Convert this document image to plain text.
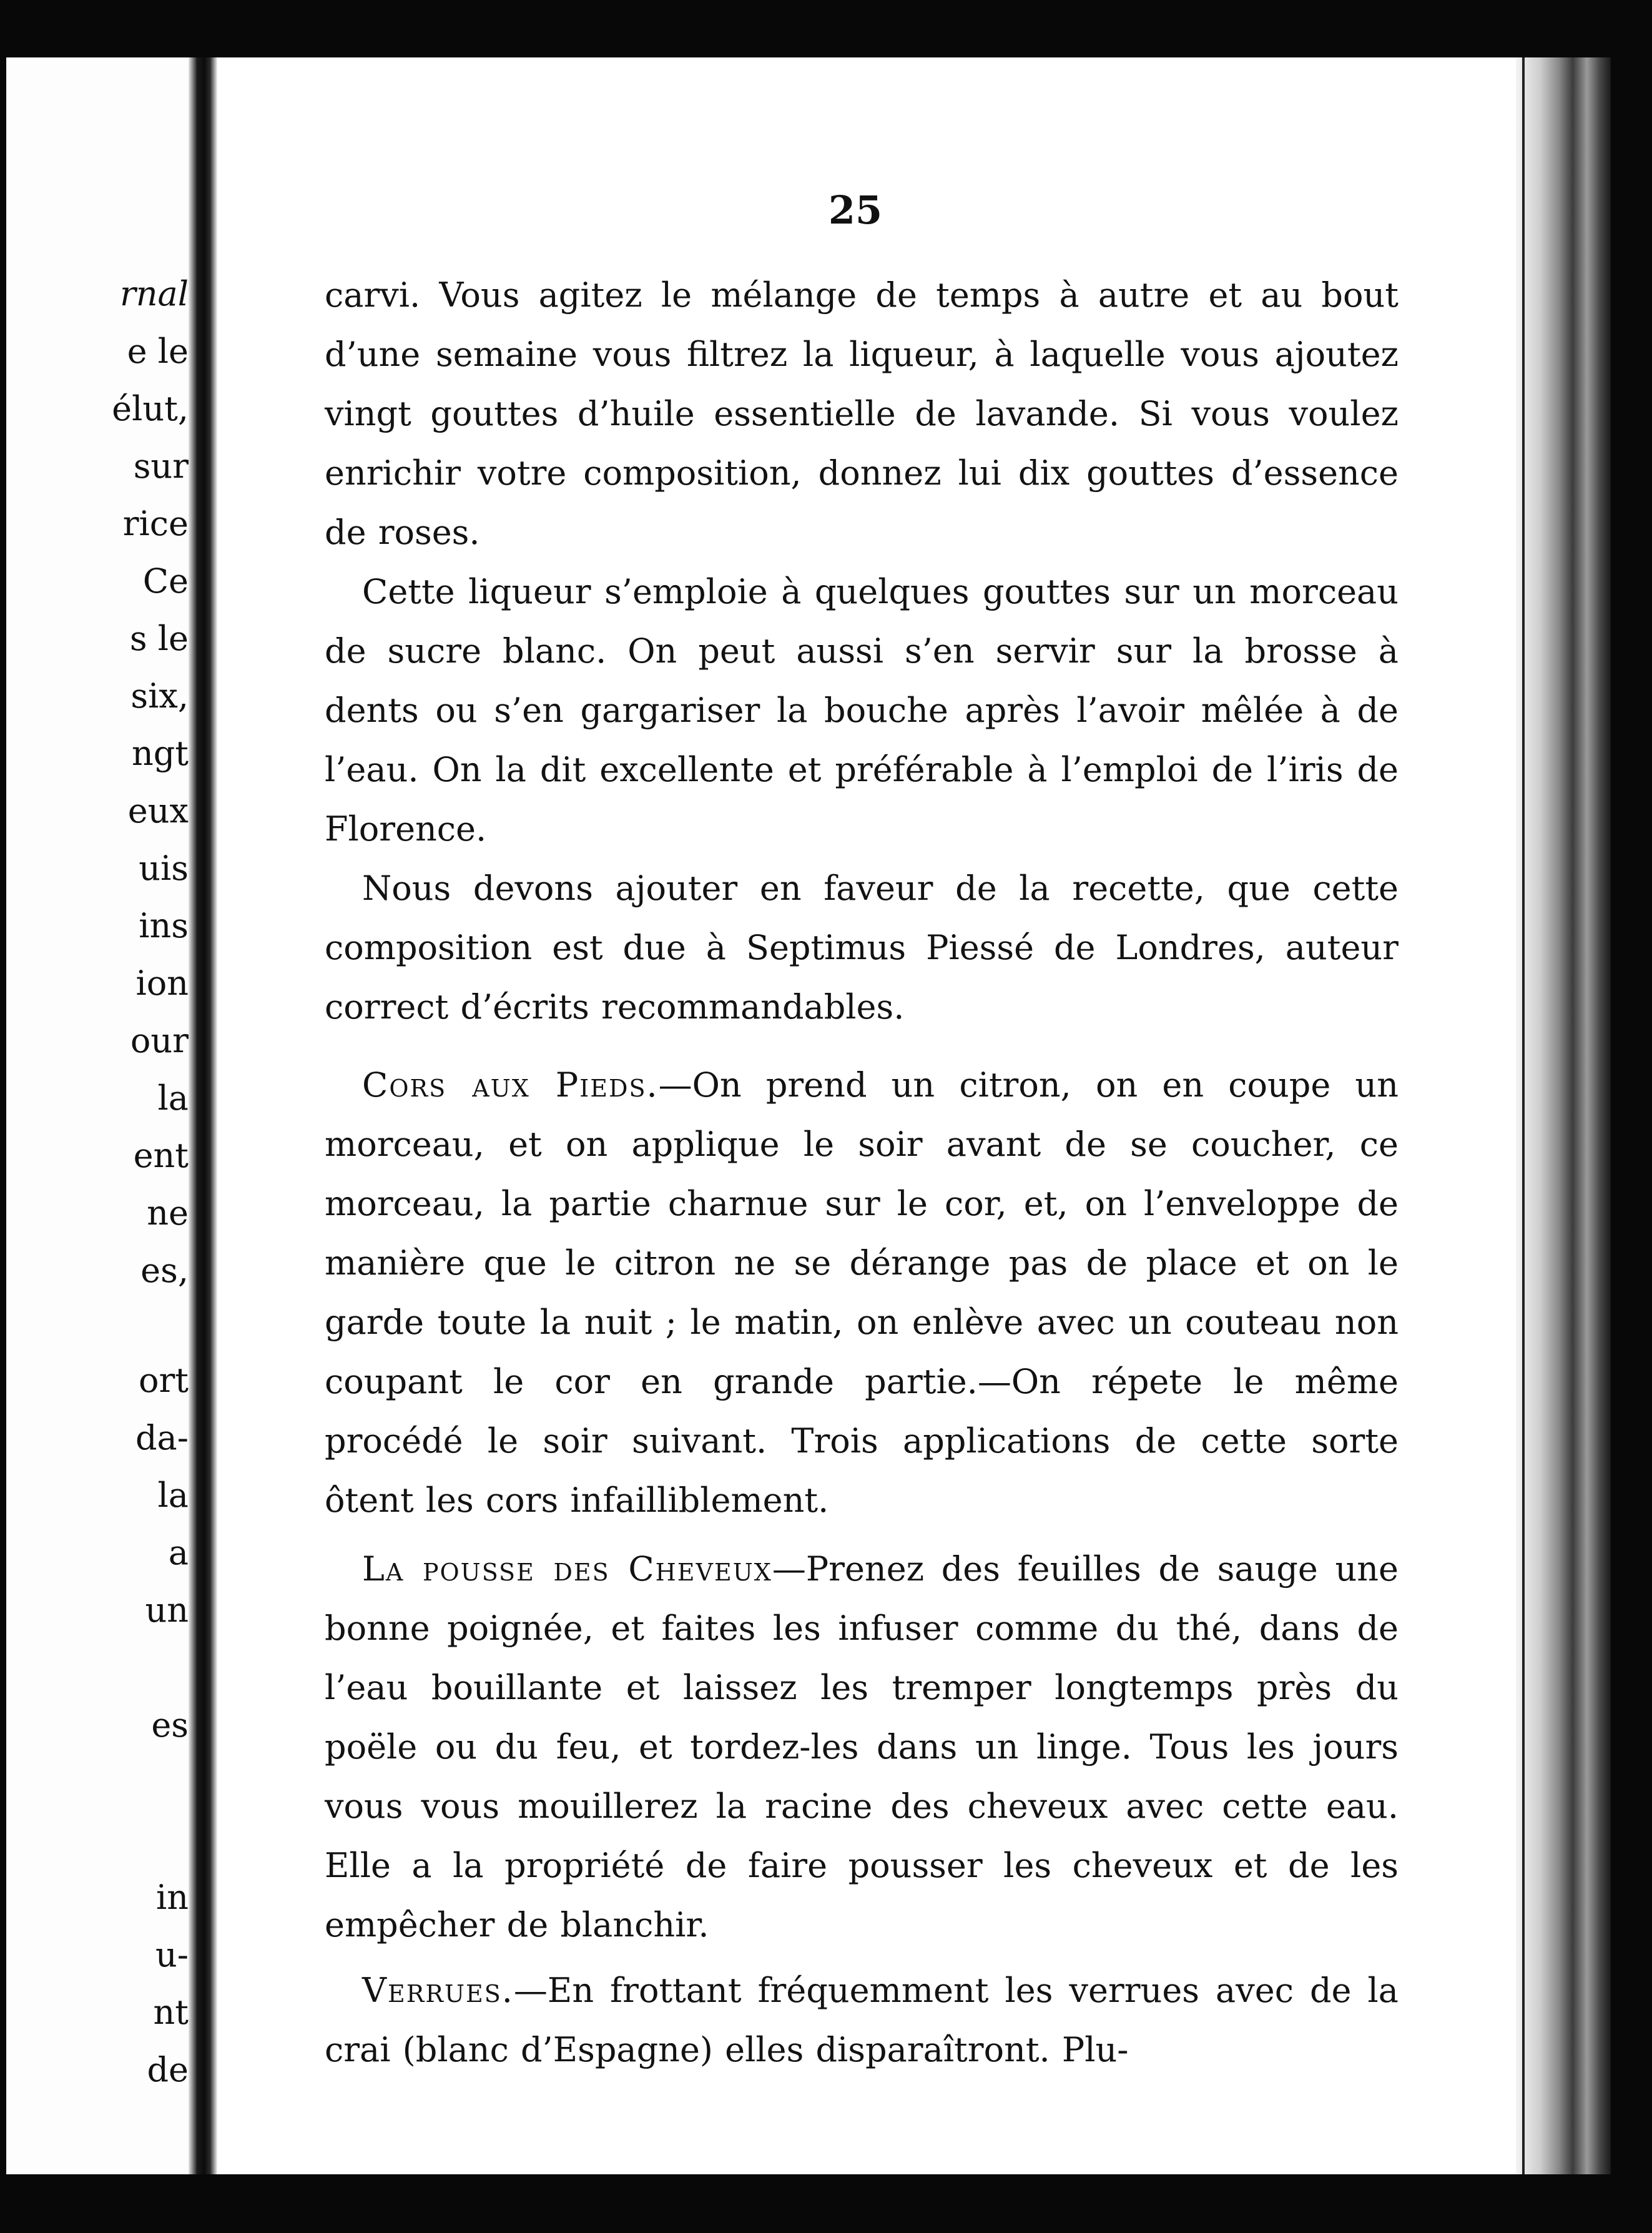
rnal
e le
élut,
sur
rice
Ce
s le
six,
ngt
eux
uis
ins
ion
our
la
ent
ne
es,
ort
da-
la
a
un
es
in
u-
nt
de
25

carvi. Vous agitez le mélange de temps à autre et au bout d’une semaine vous filtrez la liqueur, à laquelle vous ajoutez vingt gouttes d’huile essentielle de lavande. Si vous voulez enrichir votre composition, donnez lui dix gouttes d’essence de roses.

Cette liqueur s’emploie à quelques gouttes sur un morceau de sucre blanc. On peut aussi s’en servir sur la brosse à dents ou s’en gargariser la bouche après l’avoir mêlée à de l’eau. On la dit excellente et préférable à l’emploi de l’iris de Florence.

Nous devons ajouter en faveur de la recette, que cette composition est due à Septimus Piessé de Londres, auteur correct d’écrits recommandables.

Cors aux Pieds.—On prend un citron, on en coupe un morceau, et on applique le soir avant de se coucher, ce morceau, la partie charnue sur le cor, et, on l’enveloppe de manière que le citron ne se dérange pas de place et on le garde toute la nuit ; le matin, on enlève avec un couteau non coupant le cor en grande partie.—On répete le même procédé le soir suivant. Trois applications de cette sorte ôtent les cors infailliblement.

La pousse des Cheveux—Prenez des feuilles de sauge une bonne poignée, et faites les infuser comme du thé, dans de l’eau bouillante et laissez les tremper longtemps près du poële ou du feu, et tordez-les dans un linge. Tous les jours vous vous mouillerez la racine des cheveux avec cette eau. Elle a la propriété de faire pousser les cheveux et de les empêcher de blanchir.

Verrues.—En frottant fréquemment les verrues avec de la crai (blanc d’Espagne) elles disparaîtront. Plu-
